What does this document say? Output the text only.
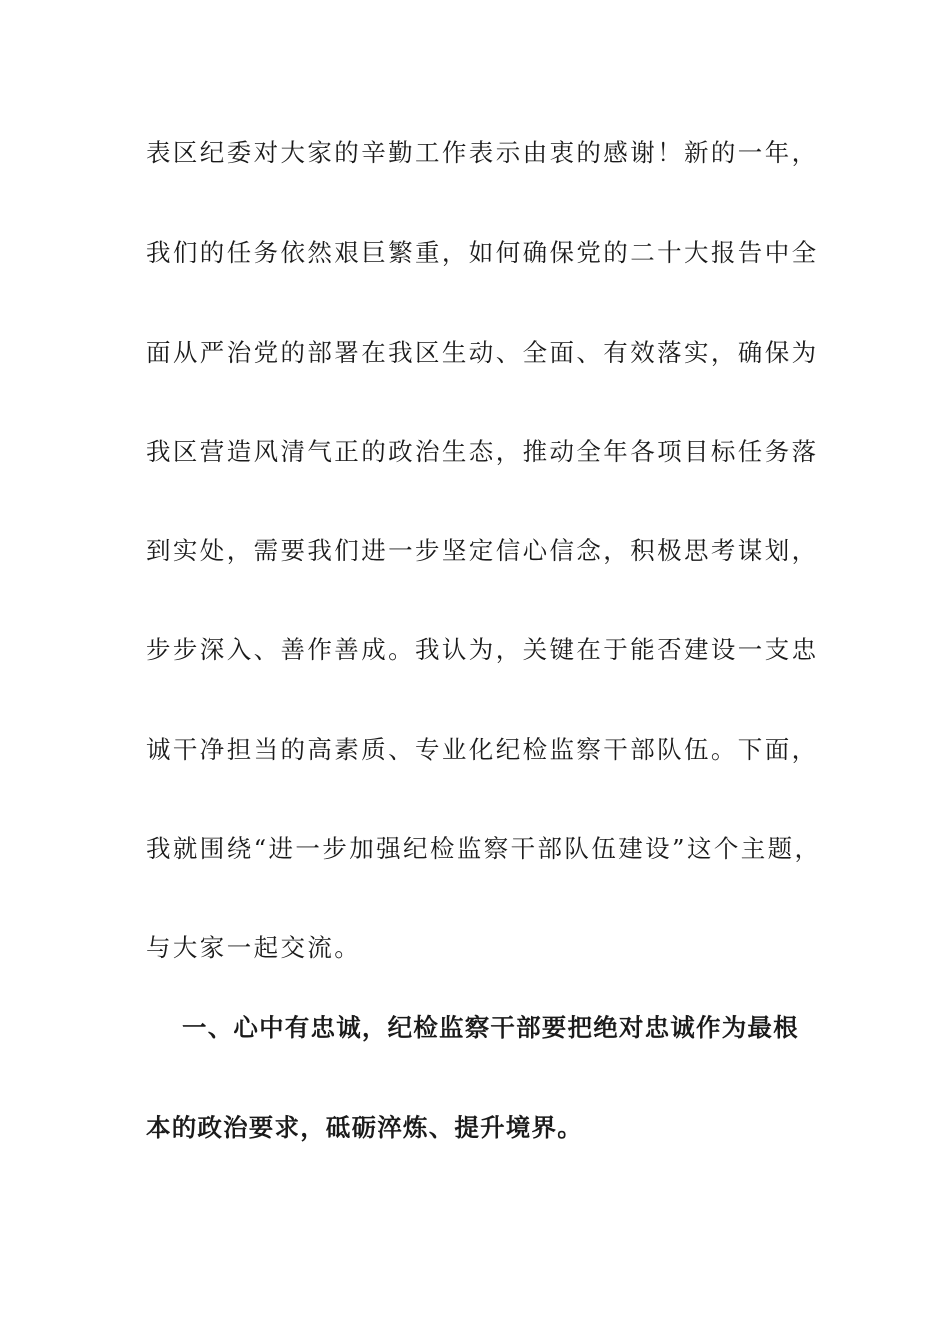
表区纪委对大家的辛勤工作表示由衷的感谢！新的一年，
我们的任务依然艰巨繁重，如何确保党的二十大报告中全
面从严治党的部署在我区生动、全面、有效落实，确保为
我区营造风清气正的政治生态，推动全年各项目标任务落
到实处，需要我们进一步坚定信心信念，积极思考谋划，
步步深入、善作善成。我认为，关键在于能否建设一支忠
诚干净担当的高素质、专业化纪检监察干部队伍。下面，
我就围绕“进一步加强纪检监察干部队伍建设”这个主题，
与大家一起交流。
一、心中有忠诚，纪检监察干部要把绝对忠诚作为最根
本的政治要求，砥砺淬炼、提升境界。
